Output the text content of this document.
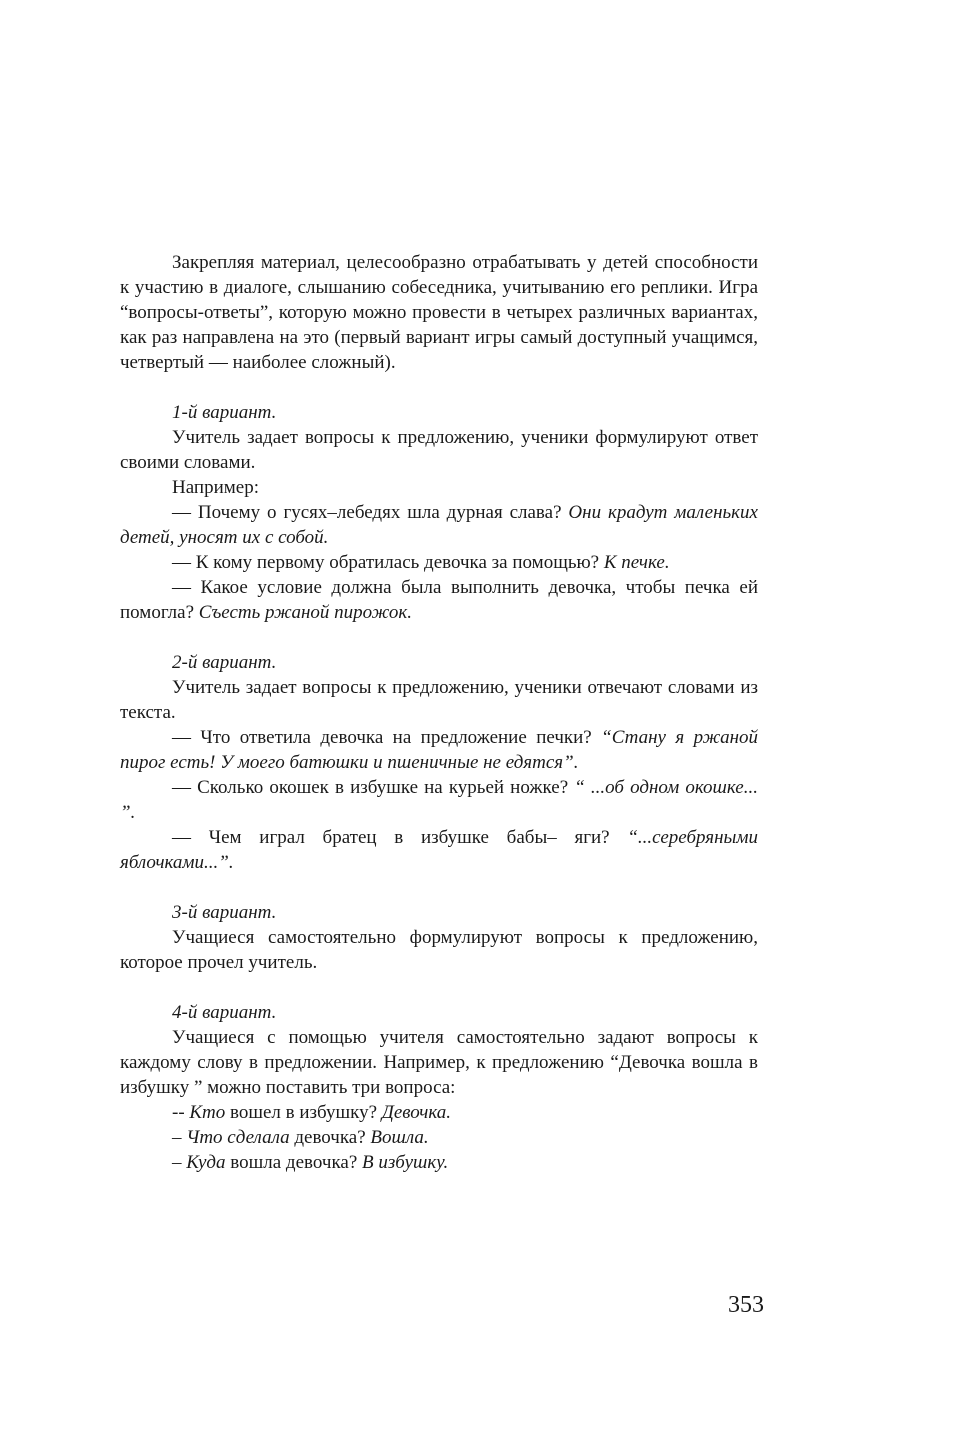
Закрепляя материал, целесообразно отрабатывать у детей способности к участию в диалоге, слышанию собеседника, учитыванию его реплики. Игра “вопросы-ответы”, которую можно провести в четырех различных вариантах, как раз направлена на это (первый вариант игры самый доступный учащимся, четвертый — наиболее сложный).

1-й вариант.

Учитель задает вопросы к предложению, ученики формулируют ответ своими словами.

Например:

— Почему о гусях–лебедях шла дурная слава? Они крадут маленьких детей, уносят их с собой.

— К кому первому обратилась девочка за помощью? К печке.

— Какое условие должна была выполнить девочка, чтобы печка ей помогла? Съесть ржаной пирожок.

2-й вариант.

Учитель задает вопросы к предложению, ученики отвечают словами из текста.

— Что ответила девочка на предложение печки? “Стану я ржаной пирог есть! У моего батюшки и пшеничные не едятся”.

— Сколько окошек в избушке на курьей ножке? “ ...об одном окошке... ”.

— Чем играл братец в избушке бабы– яги? “...серебряными яблочками...”.

3-й вариант.

Учащиеся самостоятельно формулируют вопросы к предложению, которое прочел учитель.

4-й вариант.

Учащиеся с помощью учителя самостоятельно задают вопросы к каждому слову в предложении. Например, к предложению “Девочка вошла в избушку ” можно поставить три вопроса:

-- Кто вошел в избушку? Девочка.

– Что сделала девочка? Вошла.

– Куда вошла девочка? В избушку.

353
